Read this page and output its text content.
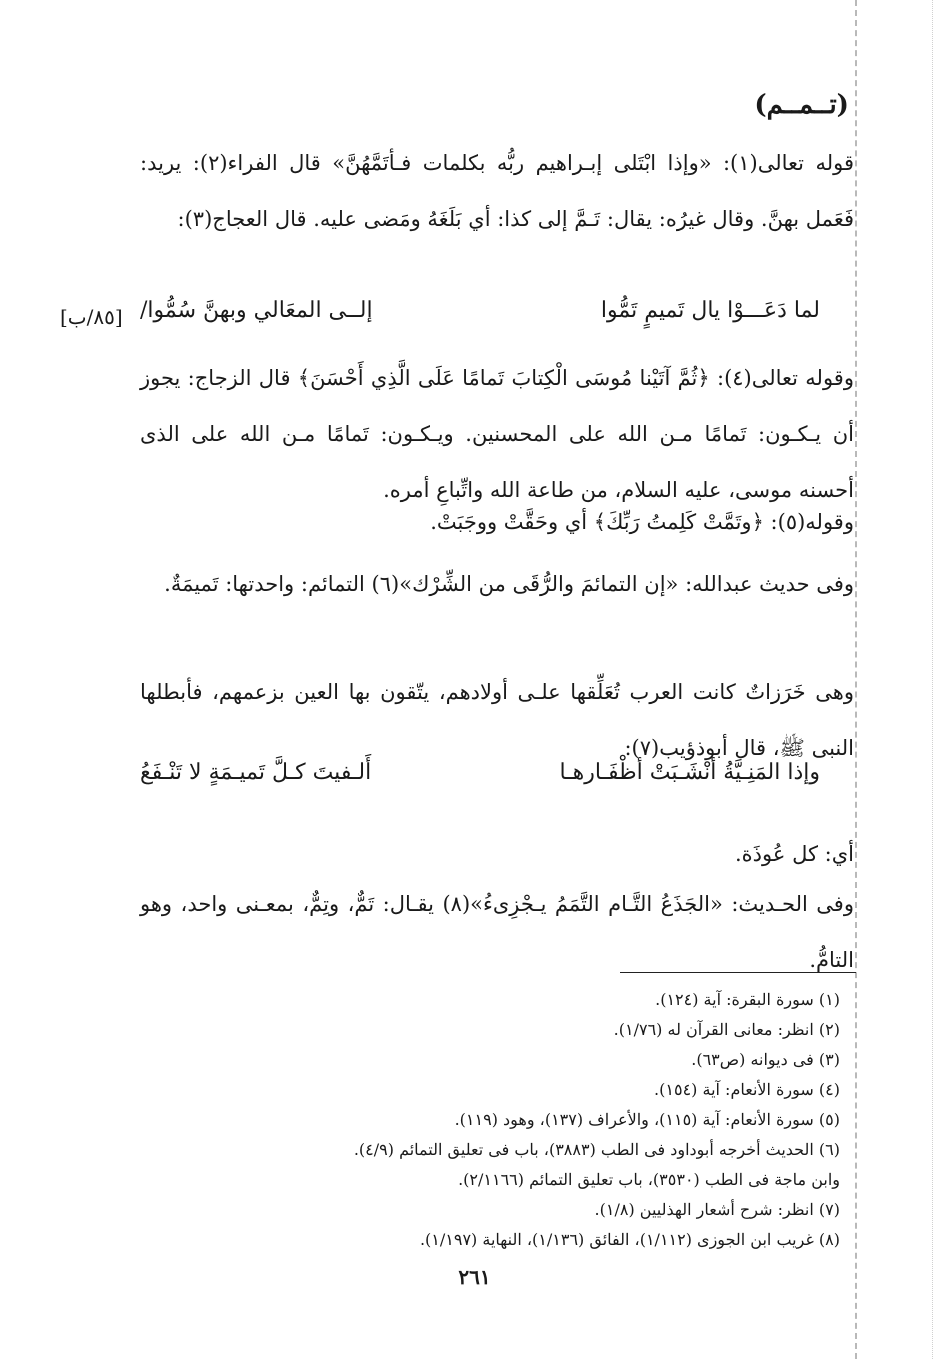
(تــمــم)
قوله تعالى(١): «وإذا ابْتَلى إبـراهيم ربُّه بكلمات فـأتَمَّهُنَّ» قال الفراء(٢): يريد: فَعَمل بهنَّ. وقال غيرُه: يقال: تَـمَّ إلى كذا: أي بَلَغَهُ ومَضى عليه. قال العجاج(٣):
لما دَعَـــوْا يال تَميمٍ تَمُّوا
إلــى المعَالي وبهنَّ سُمُّوا/
[٨٥/ب]
وقوله تعالى(٤): ﴿ثُمَّ آتَيْنا مُوسَى الْكِتابَ تَمامًا عَلَى الَّذِي أَحْسَنَ﴾ قال الزجاج: يجوز أن يـكـون: تَمامًا مـن الله على المحسنين. ويـكـون: تَمامًا مـن الله على الذى أحسنه موسى، عليه السلام، من طاعة الله واتِّباعِ أمره.
وقوله(٥): ﴿وتَمَّتْ كَلِمتُ رَبِّكَ﴾ أي وحَقَّتْ ووجَبَتْ.
وفى حديث عبدالله: «إن التمائمَ والرُّقَى من الشِّرْك»(٦) التمائم: واحدتها: تَميمَةٌ.
وهى خَرَزاتٌ كانت العرب تُعَلِّقها علـى أولادهم، يتّقون بها العين بزعمهم، فأبطلها النبى ﷺ، قال أبوذؤيب(٧):
وإذا المَنِـيَّةُ أنْشَـبَتْ أظْفَـارهـا
أَلـفيتَ كـلَّ تَميـمَةٍ لا تَنْـفَعُ
أي: كل عُوذَة.
وفى الحـديث: «الجَذَعُ التَّـام التَّمَمُ يـجْزِىءُ»(٨) يقـال: تَمٌّ، وتِمٌّ، بمعـنى واحد، وهو التامُّ.
(١) سورة البقرة: آية (١٢٤).
(٢) انظر: معانى القرآن له (١/٧٦).
(٣) فى ديوانه (ص٦٣).
(٤) سورة الأنعام: آية (١٥٤).
(٥) سورة الأنعام: آية (١١٥)، والأعراف (١٣٧)، وهود (١١٩).
(٦) الحديث أخرجه أبوداود فى الطب (٣٨٨٣)، باب فى تعليق التمائم (٤/٩).
وابن ماجة فى الطب (٣٥٣٠)، باب تعليق التمائم (٢/١١٦٦).
(٧) انظر: شرح أشعار الهذليين (١/٨).
(٨) غريب ابن الجوزى (١/١١٢)، الفائق (١/١٣٦)، النهاية (١/١٩٧).
٢٦١
